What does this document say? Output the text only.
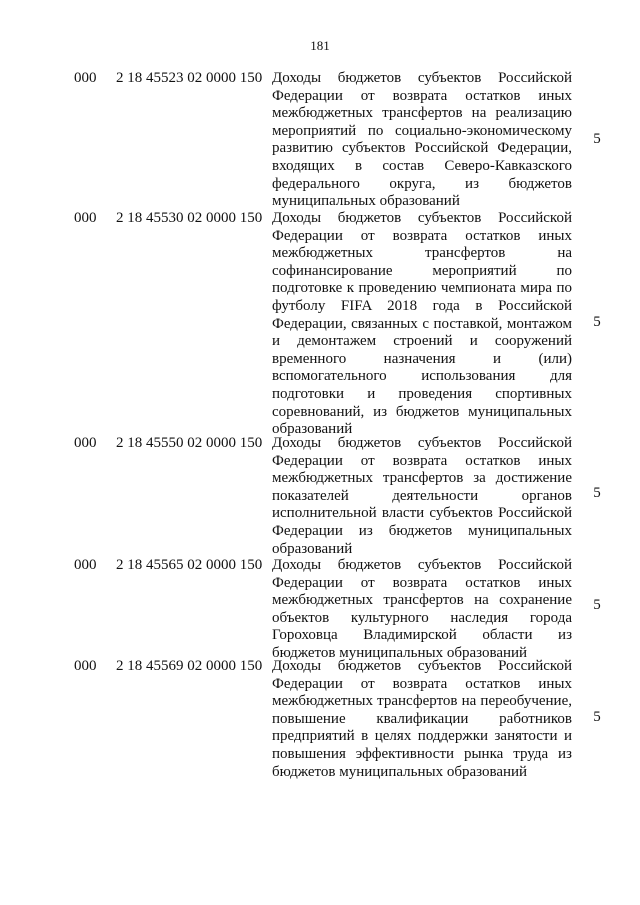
181
000 2 18 45523 02 0000 150 Доходы бюджетов субъектов Российской Федерации от возврата остатков иных межбюджетных трансфертов на реализацию мероприятий по социально-экономическому развитию субъектов Российской Федерации, входящих в состав Северо-Кавказского федерального округа, из бюджетов муниципальных образований
5
000 2 18 45530 02 0000 150 Доходы бюджетов субъектов Российской Федерации от возврата остатков иных межбюджетных трансфертов на софинансирование мероприятий по подготовке к проведению чемпионата мира по футболу FIFA 2018 года в Российской Федерации, связанных с поставкой, монтажом и демонтажем строений и сооружений временного назначения и (или) вспомогательного использования для подготовки и проведения спортивных соревнований, из бюджетов муниципальных образований
5
000 2 18 45550 02 0000 150 Доходы бюджетов субъектов Российской Федерации от возврата остатков иных межбюджетных трансфертов за достижение показателей деятельности органов исполнительной власти субъектов Российской Федерации из бюджетов муниципальных образований
5
000 2 18 45565 02 0000 150 Доходы бюджетов субъектов Российской Федерации от возврата остатков иных межбюджетных трансфертов на сохранение объектов культурного наследия города Гороховца Владимирской области из бюджетов муниципальных образований
5
000 2 18 45569 02 0000 150 Доходы бюджетов субъектов Российской Федерации от возврата остатков иных межбюджетных трансфертов на переобучение, повышение квалификации работников предприятий в целях поддержки занятости и повышения эффективности рынка труда из бюджетов муниципальных образований
5
